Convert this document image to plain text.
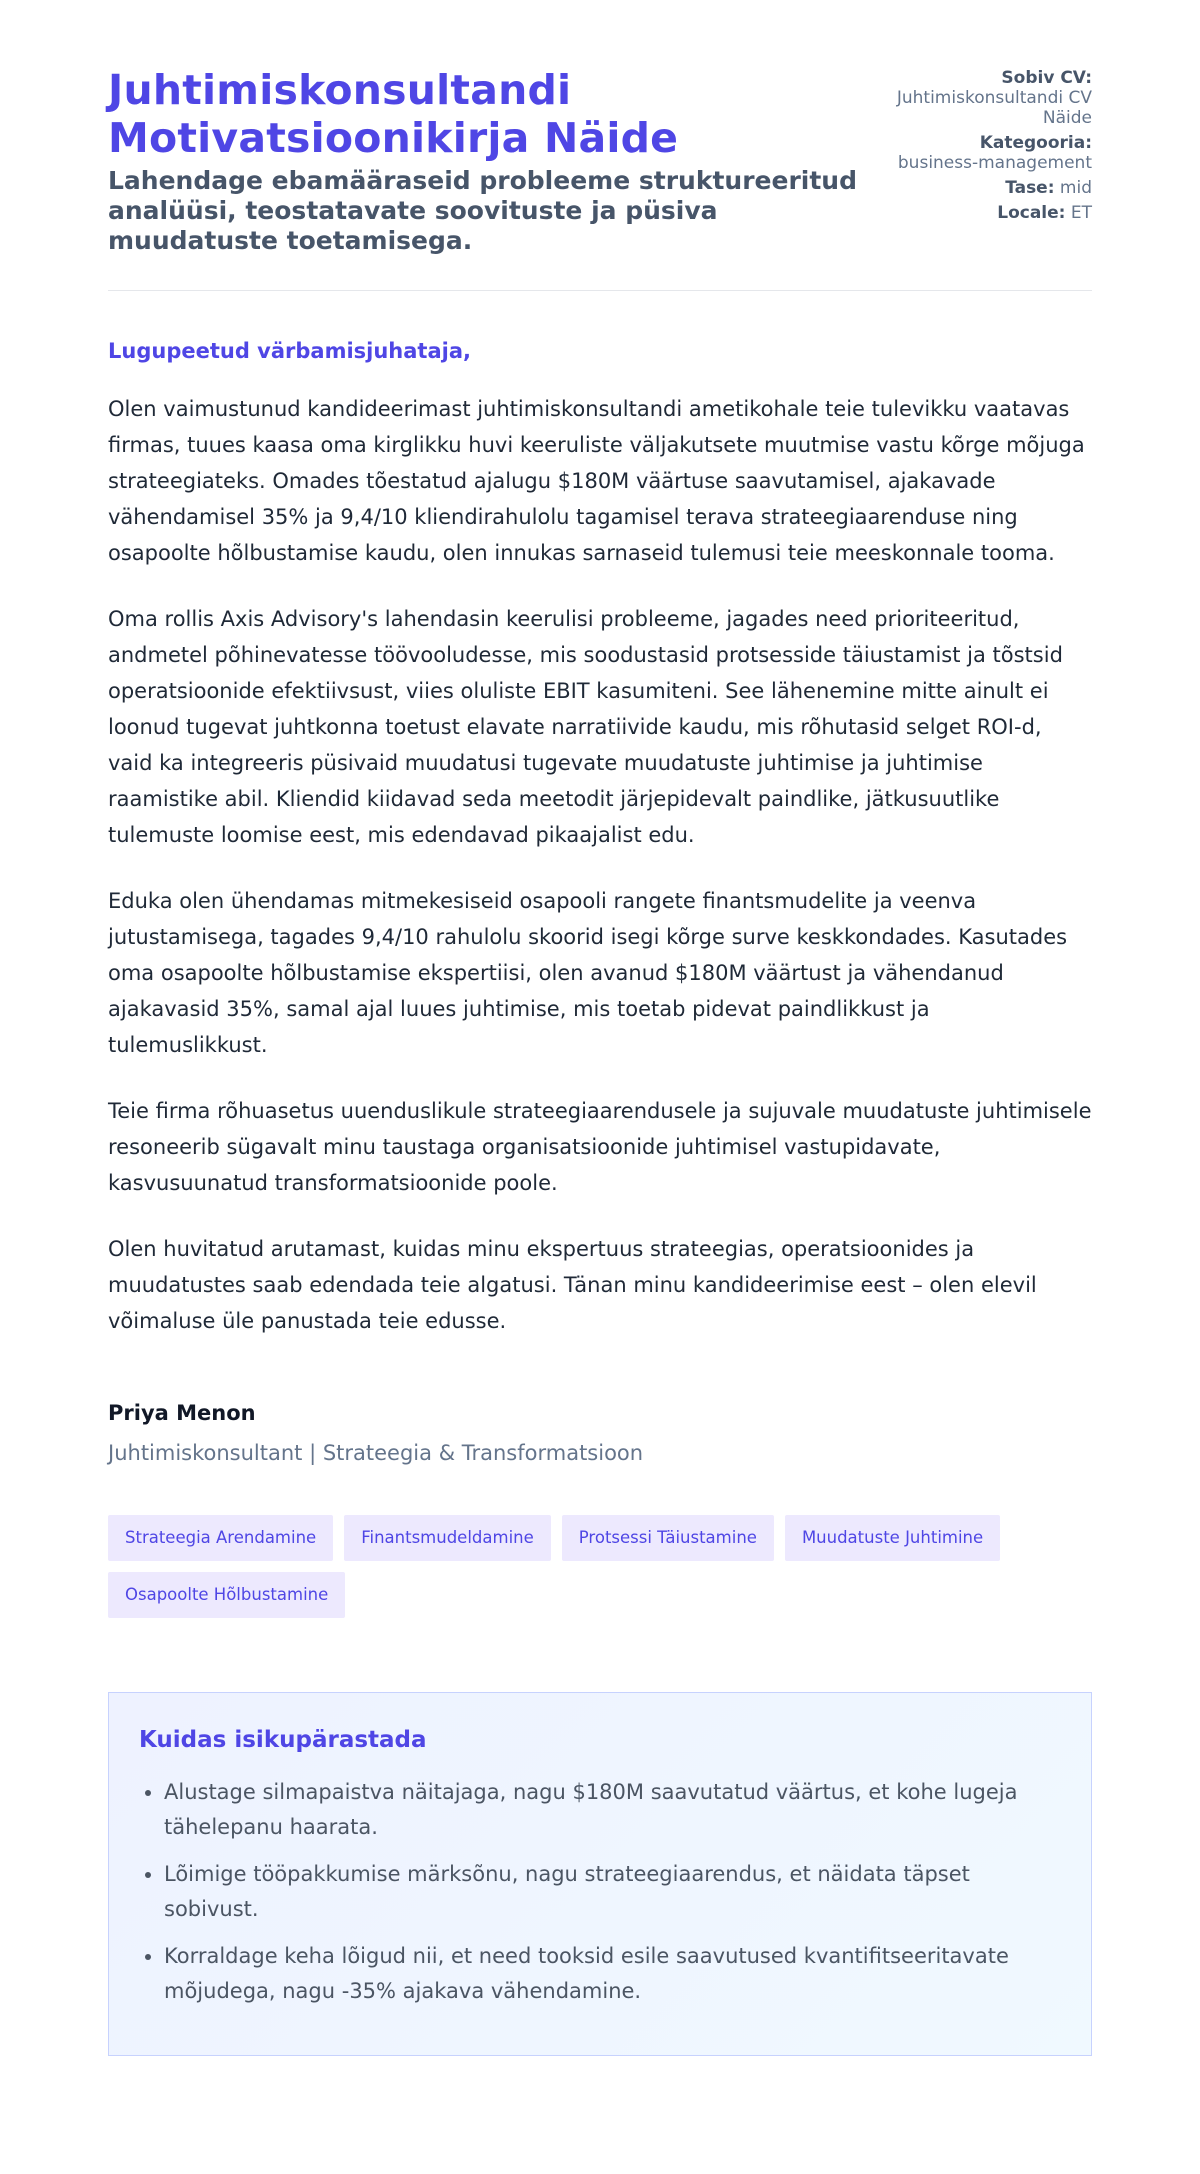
Juhtimiskonsultandi Motivatsioonikirja Näide
Lahendage ebamääraseid probleeme struktureeritud analüüsi, teostatavate soovituste ja püsiva muudatuste toetamisega.
Sobiv CV:
Juhtimiskonsultandi CV Näide
Kategooria:
business-management
Tase: mid
Locale: ET
Lugupeetud värbamisjuhataja,

Olen vaimustunud kandideerimast juhtimiskonsultandi ametikohale teie tulevikku vaatavas firmas, tuues kaasa oma kirglikku huvi keeruliste väljakutsete muutmise vastu kõrge mõjuga strateegiateks. Omades tõestatud ajalugu $180M väärtuse saavutamisel, ajakavade vähendamisel 35% ja 9,4/10 kliendirahulolu tagamisel terava strateegiaarenduse ning osapoolte hõlbustamise kaudu, olen innukas sarnaseid tulemusi teie meeskonnale tooma.

Oma rollis Axis Advisory's lahendasin keerulisi probleeme, jagades need prioriteeritud, andmetel põhinevatesse töövooludesse, mis soodustasid protsesside täiustamist ja tõstsid operatsioonide efektiivsust, viies oluliste EBIT kasumiteni. See lähenemine mitte ainult ei loonud tugevat juhtkonna toetust elavate narratiivide kaudu, mis rõhutasid selget ROI-d, vaid ka integreeris püsivaid muudatusi tugevate muudatuste juhtimise ja juhtimise raamistike abil. Kliendid kiidavad seda meetodit järjepidevalt paindlike, jätkusuutlike tulemuste loomise eest, mis edendavad pikaajalist edu.

Eduka olen ühendamas mitmekesiseid osapooli rangete finantsmudelite ja veenva jutustamisega, tagades 9,4/10 rahulolu skoorid isegi kõrge surve keskkondades. Kasutades oma osapoolte hõlbustamise ekspertiisi, olen avanud $180M väärtust ja vähendanud ajakavasid 35%, samal ajal luues juhtimise, mis toetab pidevat paindlikkust ja tulemuslikkust.

Teie firma rõhuasetus uuenduslikule strateegiaarendusele ja sujuvale muudatuste juhtimisele resoneerib sügavalt minu taustaga organisatsioonide juhtimisel vastupidavate, kasvusuunatud transformatsioonide poole.

Olen huvitatud arutamast, kuidas minu ekspertuus strateegias, operatsioonides ja muudatustes saab edendada teie algatusi. Tänan minu kandideerimise eest – olen elevil võimaluse üle panustada teie edusse.

Priya Menon
Juhtimiskonsultant | Strateegia & Transformatsioon
Strateegia Arendamine	Finantsmudeldamine	Protsessi Täiustamine	Muudatuste Juhtimine
Osapoolte Hõlbustamine
Kuidas isikupärastada
• Alustage silmapaistva näitajaga, nagu $180M saavutatud väärtus, et kohe lugeja tähelepanu haarata.
• Lõimige tööpakkumise märksõnu, nagu strateegiaarendus, et näidata täpset sobivust.
• Korraldage keha lõigud nii, et need tooksid esile saavutused kvantifitseeritavate mõjudega, nagu -35% ajakava vähendamine.
